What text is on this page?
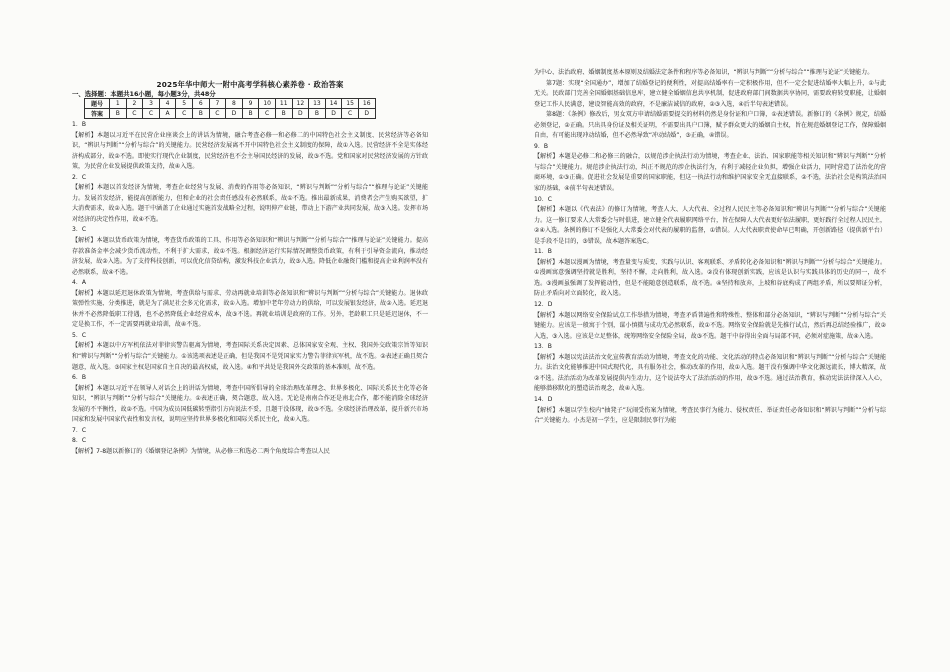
2025年华中师大一附中高考学科核心素养卷 · 政治答案
一、选择题：本题共16小题，每小题3分，共48分
题号	1	2	3	4	5	6	7	8	9	10	11	12	13	14	15	16
答案	B	C	C	A	C	B	C	D	B	C	B	D	B	D	C	D

1．B

【解析】本题以习近平在民营企业座谈会上的讲话为情境，融合考查必修一和必修二的中国特色社会主义制度、民营经济等必备知识，“辨识与判断”“分析与综合”的关键能力。民营经济发展离不开中国特色社会主义制度的保障，故①入选。民营经济不全是实体经济构成部分，故②不选。即使实行现代企业制度，民营经济也不会主导国民经济的发展，故③不选。党和国家对民营经济发展的方针政策，为民营企业发展提供政策支持，故④入选。

2．C

【解析】本题以首发经济为情境，考查企业经营与发展、消费的作用等必备知识，“辨识与判断”“分析与综合”“推理与论证”关键能力。发展首发经济，能提高创新能力，但和企业的社会责任感没有必然联系，故①不选。推出最新成果，消费者会产生购买欲望，扩大消费需求，故②入选。题干中涵盖了企业通过实施首发战略全过程，说明伸产业链，带动上下游产业共同发展，故③入选。发挥市场对经济的决定性作用，故④不选。

3．C

【解析】本题以货币政策为情境，考查货币政策的工具、作用等必备知识和“辨识与判断”“分析与综合”“推理与论证”关键能力。提高存款准备金率会减少货币流动性，不利于扩大需求，故①不选。根据经济运行实际情况调整货币政策，有利于引导资金流向，推动经济发展，故②入选。为了支持科技创新，可以优化信贷结构，激发科技企业活力，故③入选。降低企业融资门槛和提高企业利润率没有必然联系，故④不选。

4．A

【解析】本题以延迟退休政策为情境，考查供给与需求、劳动再就业培训等必备知识和“辨识与判断”“分析与综合”关键能力。退休政策弹性实施、分类推进，就是为了满足社会多元化需求，故①入选。增加中老年劳动力的供给，可以发展银发经济，故②入选。延迟退休并不必然降低职工待遇，也不必然降低企业经营成本，故③不选。再就业培训是政府的工作。另外，老龄职工只是延迟退休，不一定是换工作，不一定需要再就业培训，故④不选。

5．C

【解析】本题以中方军机依法对菲律宾警告驱离为情境，考查国际关系决定因素、总体国家安全观、主权、我国外交政策宗旨等知识和“辨识与判断”“分析与综合”关键能力。①该选项表述是正确，但是我国不是凭国家实力警告菲律宾军机，故不选。②表述正确且契合题意，故入选。③国家主权是国家自主自决的最高权威，故入选。④和平共处是我国外交政策的基本准则，故不选。

6．B

【解析】本题以习近平在领导人对话会上的讲话为情境，考查中国所倡导的全球治理改革理念、世界多极化、国际关系民主化等必备知识，“辨识与判断”“分析与综合”关键能力。①表述正确，契合题意，故入选。无论是南南合作还是南北合作，都不能消除全球经济发展的不平衡性，故②不选。中国为成员国低碳转型指引方向说法不妥，且题干没体现，故③不选。全球经济治理改革，提升新兴市场国家和发展中国家代表性和发言权，说明应坚持世界多极化和国际关系民主化，故④入选。

7．C

8．C

【解析】7-8题以新修订的《婚姻登记条例》为情境，从必修三和选必二两个角度综合考查以人民

为中心、法治政府、婚姻制度基本原则及结婚法定条件和程序等必备知识，“辨识与判断”“分析与综合”“推理与论证”关键能力。

第7题：实现“全国通办”，增加了结婚登记的便利性，对提高结婚率有一定积极作用，但不一定会促进结婚率大幅上升，①与此无关。民政部门完善全国婚姻基础信息库，建立健全婚姻信息共享机制，促进政府部门间数据共享协同，需要政府转变职能，让婚姻登记工作人民满意，建设智能高效的政府，不是廉洁诚信的政府，②③入选，④后半句表述错误。

第8题：《条例》修改后，男女双方申请结婚需要提交的材料仍然是身份证和户口簿，①表述错误。新修订的《条例》规定，结婚必须登记，②正确。只出具身份证及相关证明，不需要出具户口簿，赋予群众更大的婚姻自主权，旨在规范婚姻登记工作，保障婚姻自由，有可能出现冲动结婚，但不必然导致“冲动结婚”，③正确，④错误。

9．B

【解析】本题是必修二和必修三的融合，以规范涉企执法行动为情境，考查企业、法治、国家职能等相关知识和“辨识与判断”“分析与综合”关键能力。规范涉企执法行动，纠正不规范的涉企执法行为，有利于减轻企业负担，增强企业活力，同时营造了法治化的营商环境，①③正确。促进社会发展是重要的国家职能，但这一执法行动和维护国家安全无直接联系，②不选，法治社会是构筑法治国家的基础，④前半句表述错误。

10．C

【解析】本题以《代表法》的修订为情境，考查人大、人大代表、全过程人民民主等必备知识和“辨识与判断”“分析与综合”关键能力。这一修订要求人大常委会与时俱进，建立健全代表履职网络平台，旨在保障人大代表更好依法履职，更好践行全过程人民民主，②④入选。条例的修订不是强化人大常委会对代表的履职的监督，①错误。人大代表职责使命早已明确，开创新路径（提供新平台）是手段不是目的，③错误，故本题答案选C。

11．B

【解析】本题以漫画为情境，考查量变与质变、实践与认识、客观联系、矛盾转化必备知识和“辨识与判断”“分析与综合”关键能力。①漫画寓意强调坚持就是胜利，坚持不懈，走向胜利，故入选。②没有体现创新实践，应该是认识与实践具体的历史的同一，故不选。③漫画虽强调了发挥能动性，但是不能随意创造联系，故不选。④坚持和放弃，上坡和谷底构成了两组矛盾，所以要辩证分析，防止矛盾向对立面转化，故入选。

12．D

【解析】本题以网络安全保险试点工作举措为情境，考查矛盾普遍性和特殊性、整体和部分必备知识，“辨识与判断”“分析与综合”关键能力。应该是一般寓于个别，谋小慎微与成功无必然联系，故①不选。网络安全保险就是先推行试点，然后再总结经验推广，故②入选，③入选。应该是立足整体，统筹网络安全保险全局，故③不选。题干中谷得出全面与局部不同，必须对症施策，故④入选。

13．B

【解析】本题以宪法法治文化宣传教育活动为情境，考查文化的功能、文化活动的特点必备知识和“辨识与判断”“分析与综合”关键能力。法治文化能够推进中国式现代化，具有服务社会，推动改革的作用，故①入选。题干没有强调中华文化源远流长，博大精深，故②不选。法治活动为改革发展提供内生动力，这个说法夸大了法治活动的作用，故③不选。通过法治教育，推动宪法法律深入人心，能够潜移默化的塑造法治观念，故④入选。

14．D

【解析】本题以学生校内“抽凳子”玩闹受伤案为情境，考查民事行为能力、侵权责任、举证责任必备知识和“辨识与判断”“分析与综合”关键能力。小杰是初一学生，应是限制民事行为能
